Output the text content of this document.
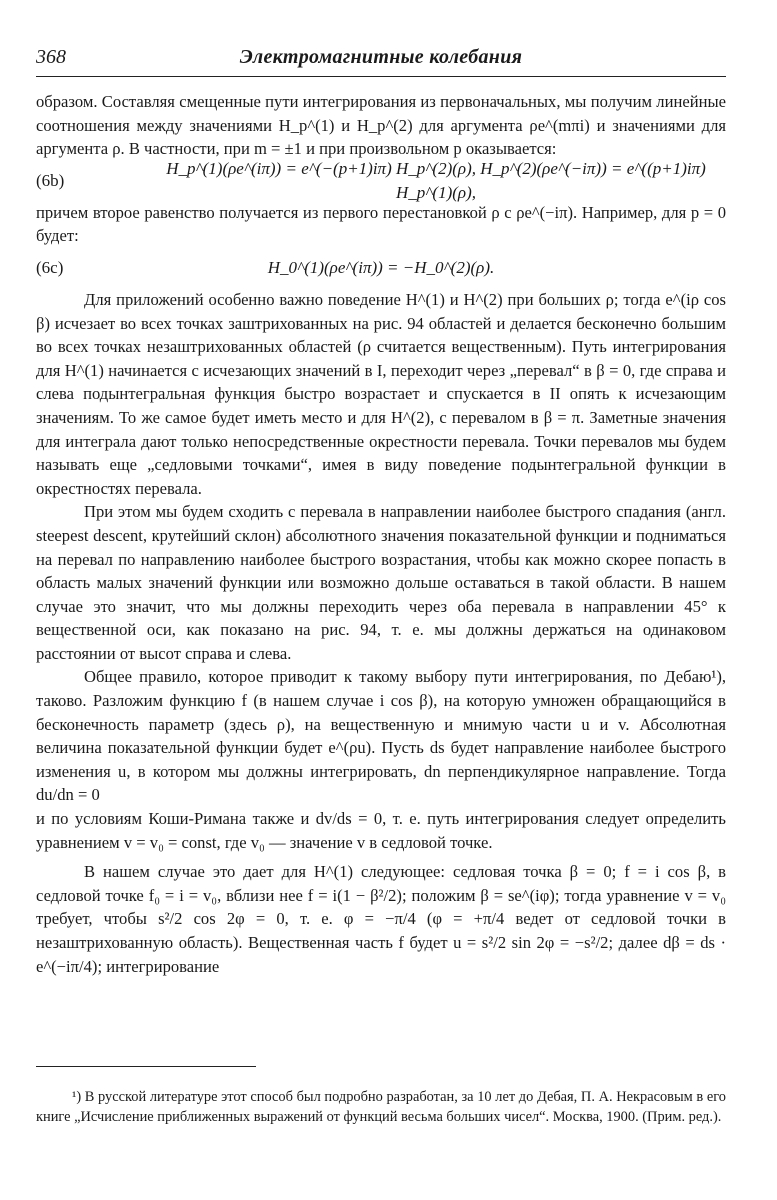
368	Электромагнитные колебания

образом. Составляя смещенные пути интегрирования из первоначальных, мы получим линейные соотношения между значениями H_p^(1) и H_p^(2) для аргумента ρe^(mπi) и значениями для аргумента ρ. В частности, при m = ±1 и при произвольном p оказывается:

(6b)
H_p^(1)(ρe^(iπ)) = e^(−(p+1)iπ) H_p^(2)(ρ), H_p^(2)(ρe^(−iπ)) = e^((p+1)iπ) H_p^(1)(ρ),

причем второе равенство получается из первого перестановкой ρ с ρe^(−iπ). Например, для p = 0 будет:

(6c)	H_0^(1)(ρe^(iπ)) = −H_0^(2)(ρ).

Для приложений особенно важно поведение H^(1) и H^(2) при больших ρ; тогда e^(iρ cos β) исчезает во всех точках заштрихованных на рис. 94 областей и делается бесконечно большим во всех точках незаштрихованных областей (ρ считается вещественным). Путь интегрирования для H^(1) начинается с исчезающих значений в I, переходит через „перевал“ в β = 0, где справа и слева подынтегральная функция быстро возрастает и спускается в II опять к исчезающим значениям. То же самое будет иметь место и для H^(2), с перевалом в β = π. Заметные значения для интеграла дают только непосредственные окрестности перевала. Точки перевалов мы будем называть еще „седловыми точками“, имея в виду поведение подынтегральной функции в окрестностях перевала.

При этом мы будем сходить с перевала в направлении наиболее быстрого спадания (англ. steepest descent, крутейший склон) абсолютного значения показательной функции и подниматься на перевал по направлению наиболее быстрого возрастания, чтобы как можно скорее попасть в область малых значений функции или возможно дольше оставаться в такой области. В нашем случае это значит, что мы должны переходить через оба перевала в направлении 45° к вещественной оси, как показано на рис. 94, т. е. мы должны держаться на одинаковом расстоянии от высот справа и слева.

Общее правило, которое приводит к такому выбору пути интегрирования, по Дебаю¹), таково. Разложим функцию f (в нашем случае i cos β), на которую умножен обращающийся в бесконечность параметр (здесь ρ), на вещественную и мнимую части u и v. Абсолютная величина показательной функции будет e^(ρu). Пусть ds будет направление наиболее быстрого изменения u, в котором мы должны интегрировать, dn перпендикулярное направление. Тогда du/dn = 0

и по условиям Коши-Римана также и dv/ds = 0, т. е. путь интегрирования следует определить уравнением v = v₀ = const, где v₀ — значение v в седловой точке.

В нашем случае это дает для H^(1) следующее: седловая точка β = 0; f = i cos β, в седловой точке f₀ = i = v₀, вблизи нее f = i(1 − β²/2); положим β = se^(iφ); тогда уравнение v = v₀ требует, чтобы s²/2 cos 2φ = 0, т. е. φ = −π/4 (φ = +π/4 ведет от седловой точки в незаштрихованную область). Вещественная часть f будет u = s²/2 sin 2φ = −s²/2; далее dβ = ds · e^(−iπ/4); интегрирование

¹) В русской литературе этот способ был подробно разработан, за 10 лет до Дебая, П. А. Некрасовым в его книге „Исчисление приближенных выражений от функций весьма больших чисел“. Москва, 1900. (Прим. ред.).
